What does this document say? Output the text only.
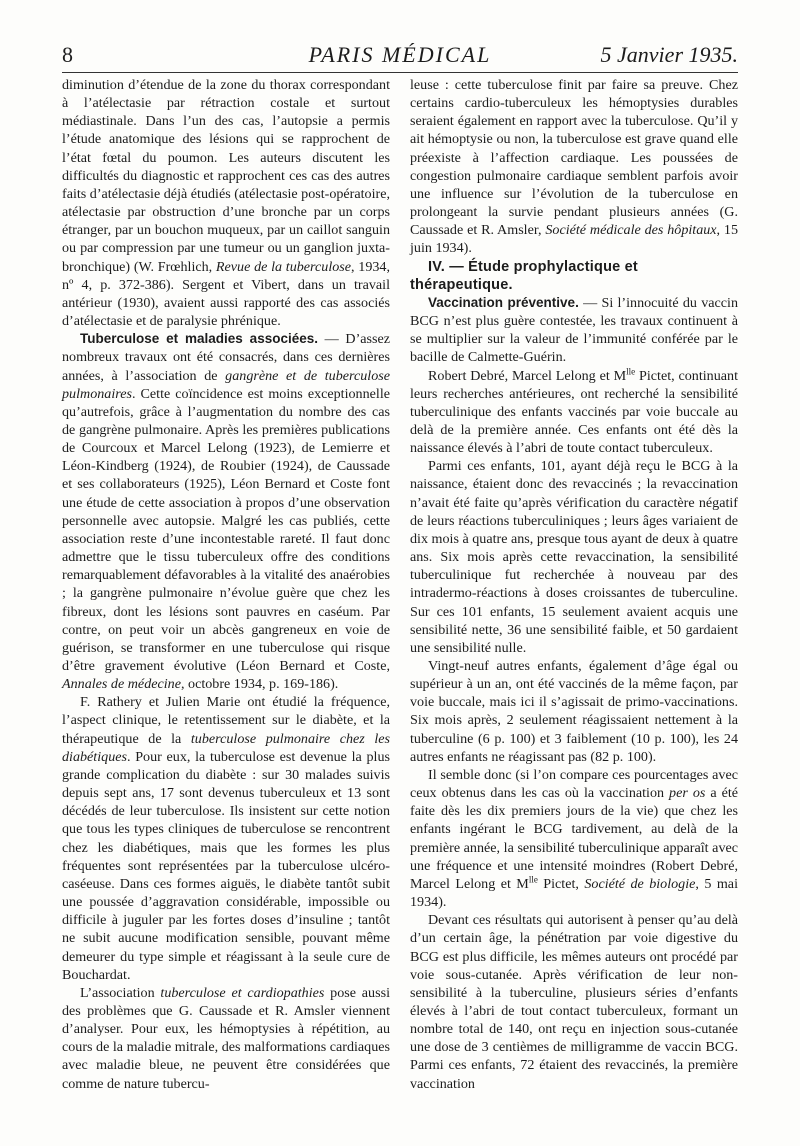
8	PARIS MÉDICAL	5 Janvier 1935.

diminution d’étendue de la zone du thorax correspondant à l’atélectasie par rétraction costale et surtout médiastinale. Dans l’un des cas, l’autopsie a permis l’étude anatomique des lésions qui se rapprochent de l’état fœtal du poumon. Les auteurs discutent les difficultés du diagnostic et rapprochent ces cas des autres faits d’atélectasie déjà étudiés (atélectasie post-opératoire, atélectasie par obstruction d’une bronche par un corps étranger, par un bouchon muqueux, par un caillot sanguin ou par compression par une tumeur ou un ganglion juxta-bronchique) (W. Frœhlich, Revue de la tuberculose, 1934, nº 4, p. 372-386). Sergent et Vibert, dans un travail antérieur (1930), avaient aussi rapporté des cas associés d’atélectasie et de paralysie phrénique.

Tuberculose et maladies associées. — D’assez nombreux travaux ont été consacrés, dans ces dernières années, à l’association de gangrène et de tuberculose pulmonaires. Cette coïncidence est moins exceptionnelle qu’autrefois, grâce à l’augmentation du nombre des cas de gangrène pulmonaire. Après les premières publications de Courcoux et Marcel Lelong (1923), de Lemierre et Léon-Kindberg (1924), de Roubier (1924), de Caussade et ses collaborateurs (1925), Léon Bernard et Coste font une étude de cette association à propos d’une observation personnelle avec autopsie. Malgré les cas publiés, cette association reste d’une incontestable rareté. Il faut donc admettre que le tissu tuberculeux offre des conditions remarquablement défavorables à la vitalité des anaérobies ; la gangrène pulmonaire n’évolue guère que chez les fibreux, dont les lésions sont pauvres en caséum. Par contre, on peut voir un abcès gangreneux en voie de guérison, se transformer en une tuberculose qui risque d’être gravement évolutive (Léon Bernard et Coste, Annales de médecine, octobre 1934, p. 169-186).

F. Rathery et Julien Marie ont étudié la fréquence, l’aspect clinique, le retentissement sur le diabète, et la thérapeutique de la tuberculose pulmonaire chez les diabétiques. Pour eux, la tuberculose est devenue la plus grande complication du diabète : sur 30 malades suivis depuis sept ans, 17 sont devenus tuberculeux et 13 sont décédés de leur tuberculose. Ils insistent sur cette notion que tous les types cliniques de tuberculose se rencontrent chez les diabétiques, mais que les formes les plus fréquentes sont représentées par la tuberculose ulcéro-caséeuse. Dans ces formes aiguës, le diabète tantôt subit une poussée d’aggravation considérable, impossible ou difficile à juguler par les fortes doses d’insuline ; tantôt ne subit aucune modification sensible, pouvant même demeurer du type simple et réagissant à la seule cure de Bouchardat.

L’association tuberculose et cardiopathies pose aussi des problèmes que G. Caussade et R. Amsler viennent d’analyser. Pour eux, les hémoptysies à répétition, au cours de la maladie mitrale, des malformations cardiaques avec maladie bleue, ne peuvent être considérées que comme de nature tubercu-

leuse : cette tuberculose finit par faire sa preuve. Chez certains cardio-tuberculeux les hémoptysies durables seraient également en rapport avec la tuberculose. Qu’il y ait hémoptysie ou non, la tuberculose est grave quand elle préexiste à l’affection cardiaque. Les poussées de congestion pulmonaire cardiaque semblent parfois avoir une influence sur l’évolution de la tuberculose en prolongeant la survie pendant plusieurs années (G. Caussade et R. Amsler, Société médicale des hôpitaux, 15 juin 1934).

IV. — Étude prophylactique et thérapeutique.

Vaccination préventive. — Si l’innocuité du vaccin BCG n’est plus guère contestée, les travaux continuent à se multiplier sur la valeur de l’immunité conférée par le bacille de Calmette-Guérin.

Robert Debré, Marcel Lelong et $M^{lle}$ Pictet, continuant leurs recherches antérieures, ont recherché la sensibilité tuberculinique des enfants vaccinés par voie buccale au delà de la première année. Ces enfants ont été dès la naissance élevés à l’abri de toute contact tuberculeux.

Parmi ces enfants, 101, ayant déjà reçu le BCG à la naissance, étaient donc des revaccinés ; la revaccination n’avait été faite qu’après vérification du caractère négatif de leurs réactions tuberculiniques ; leurs âges variaient de dix mois à quatre ans, presque tous ayant de deux à quatre ans. Six mois après cette revaccination, la sensibilité tuberculinique fut recherchée à nouveau par des intradermo-réactions à doses croissantes de tuberculine. Sur ces 101 enfants, 15 seulement avaient acquis une sensibilité nette, 36 une sensibilité faible, et 50 gardaient une sensibilité nulle.

Vingt-neuf autres enfants, également d’âge égal ou supérieur à un an, ont été vaccinés de la même façon, par voie buccale, mais ici il s’agissait de primo-vaccinations. Six mois après, 2 seulement réagissaient nettement à la tuberculine (6 p. 100) et 3 faiblement (10 p. 100), les 24 autres enfants ne réagissant pas (82 p. 100).

Il semble donc (si l’on compare ces pourcentages avec ceux obtenus dans les cas où la vaccination per os a été faite dès les dix premiers jours de la vie) que chez les enfants ingérant le BCG tardivement, au delà de la première année, la sensibilité tuberculinique apparaît avec une fréquence et une intensité moindres (Robert Debré, Marcel Lelong et $M^{lle}$ Pictet, Société de biologie, 5 mai 1934).

Devant ces résultats qui autorisent à penser qu’au delà d’un certain âge, la pénétration par voie digestive du BCG est plus difficile, les mêmes auteurs ont procédé par voie sous-cutanée. Après vérification de leur non-sensibilité à la tuberculine, plusieurs séries d’enfants élevés à l’abri de tout contact tuberculeux, formant un nombre total de 140, ont reçu en injection sous-cutanée une dose de 3 centièmes de milligramme de vaccin BCG. Parmi ces enfants, 72 étaient des revaccinés, la première vaccination
